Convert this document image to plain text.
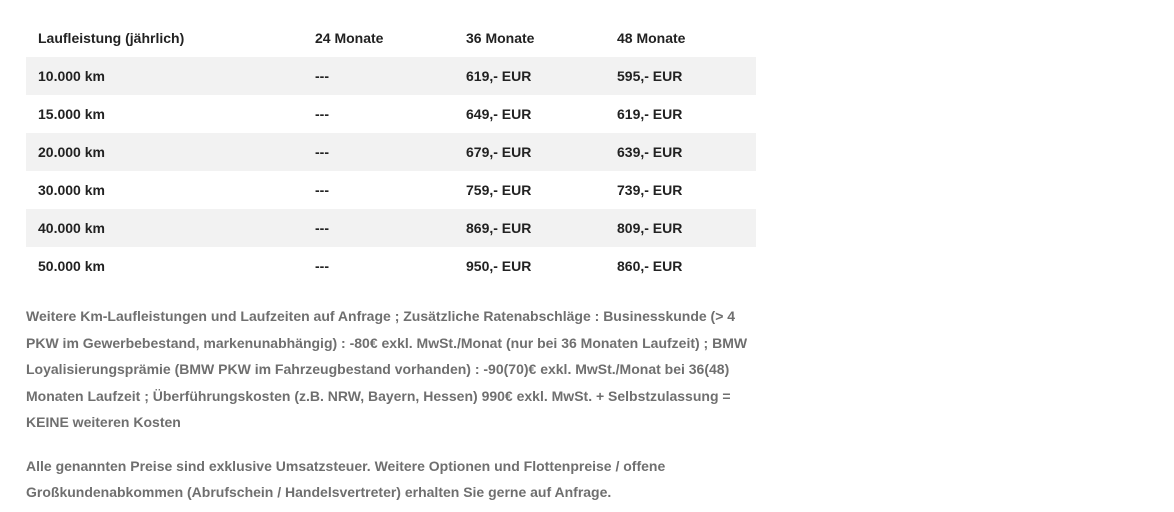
Laufleistung (jährlich)	24 Monate	36 Monate	48 Monate
10.000 km	---	619,- EUR	595,- EUR
15.000 km	---	649,- EUR	619,- EUR
20.000 km	---	679,- EUR	639,- EUR
30.000 km	---	759,- EUR	739,- EUR
40.000 km	---	869,- EUR	809,- EUR
50.000 km	---	950,- EUR	860,- EUR

Weitere Km-Laufleistungen und Laufzeiten auf Anfrage ; Zusätzliche Ratenabschläge : Businesskunde (> 4
PKW im Gewerbebestand, markenunabhängig) : -80€ exkl. MwSt./Monat (nur bei 36 Monaten Laufzeit) ; BMW
Loyalisierungsprämie (BMW PKW im Fahrzeugbestand vorhanden) : -90(70)€ exkl. MwSt./Monat bei 36(48)
Monaten Laufzeit ; Überführungskosten (z.B. NRW, Bayern, Hessen) 990€ exkl. MwSt. + Selbstzulassung =
KEINE weiteren Kosten

Alle genannten Preise sind exklusive Umsatzsteuer. Weitere Optionen und Flottenpreise / offene
Großkundenabkommen (Abrufschein / Handelsvertreter) erhalten Sie gerne auf Anfrage.
